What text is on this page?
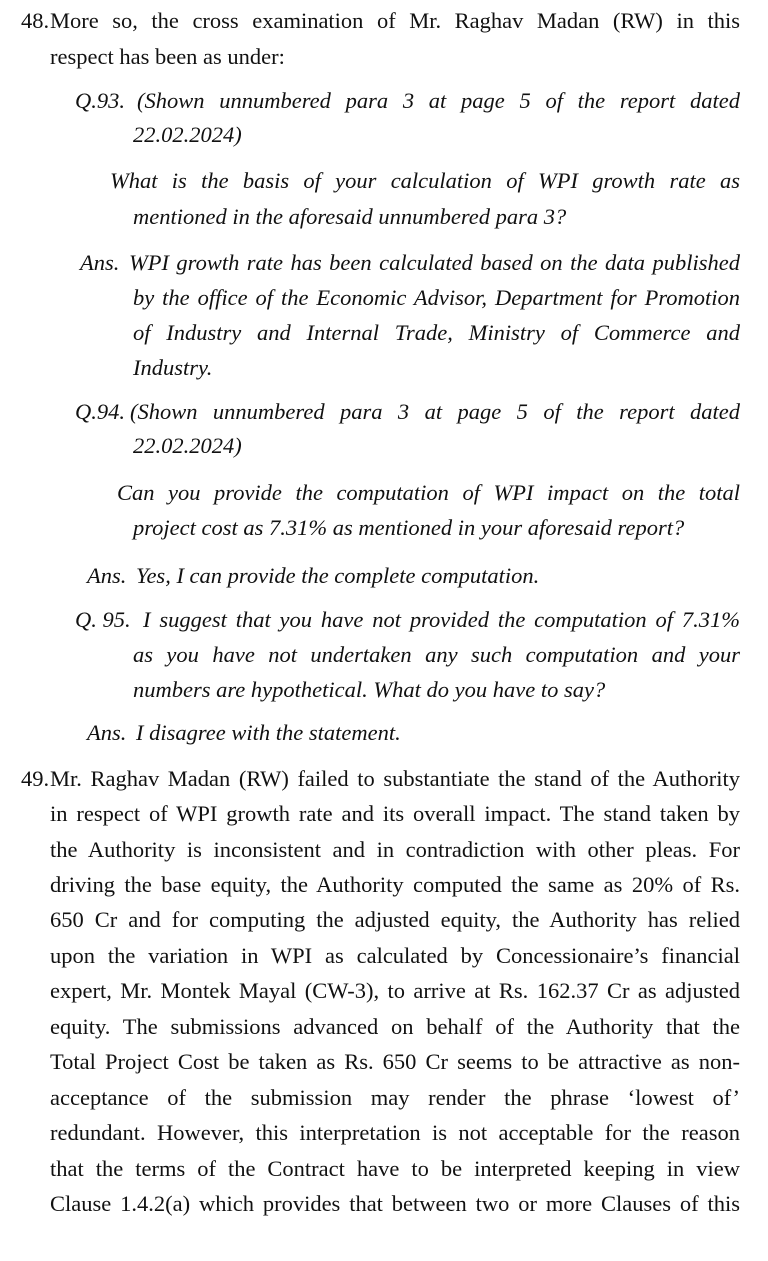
48. More so, the cross examination of Mr. Raghav Madan (RW) in this

respect has been as under:

Q.93. (Shown unnumbered para 3 at page 5 of the report dated

22.02.2024)

What is the basis of your calculation of WPI growth rate as

mentioned in the aforesaid unnumbered para 3?

Ans. WPI growth rate has been calculated based on the data published

by the office of the Economic Advisor, Department for Promotion

of Industry and Internal Trade, Ministry of Commerce and

Industry.

Q.94. (Shown unnumbered para 3 at page 5 of the report dated

22.02.2024)

Can you provide the computation of WPI impact on the total

project cost as 7.31% as mentioned in your aforesaid report?

Ans. Yes, I can provide the complete computation.

Q. 95. I suggest that you have not provided the computation of 7.31%

as you have not undertaken any such computation and your

numbers are hypothetical. What do you have to say?

Ans. I disagree with the statement.

49. Mr. Raghav Madan (RW) failed to substantiate the stand of the Authority

in respect of WPI growth rate and its overall impact. The stand taken by

the Authority is inconsistent and in contradiction with other pleas. For

driving the base equity, the Authority computed the same as 20% of Rs.

650 Cr and for computing the adjusted equity, the Authority has relied

upon the variation in WPI as calculated by Concessionaire’s financial

expert, Mr. Montek Mayal (CW-3), to arrive at Rs. 162.37 Cr as adjusted

equity. The submissions advanced on behalf of the Authority that the

Total Project Cost be taken as Rs. 650 Cr seems to be attractive as non-

acceptance of the submission may render the phrase ‘lowest of’

redundant. However, this interpretation is not acceptable for the reason

that the terms of the Contract have to be interpreted keeping in view

Clause 1.4.2(a) which provides that between two or more Clauses of this
